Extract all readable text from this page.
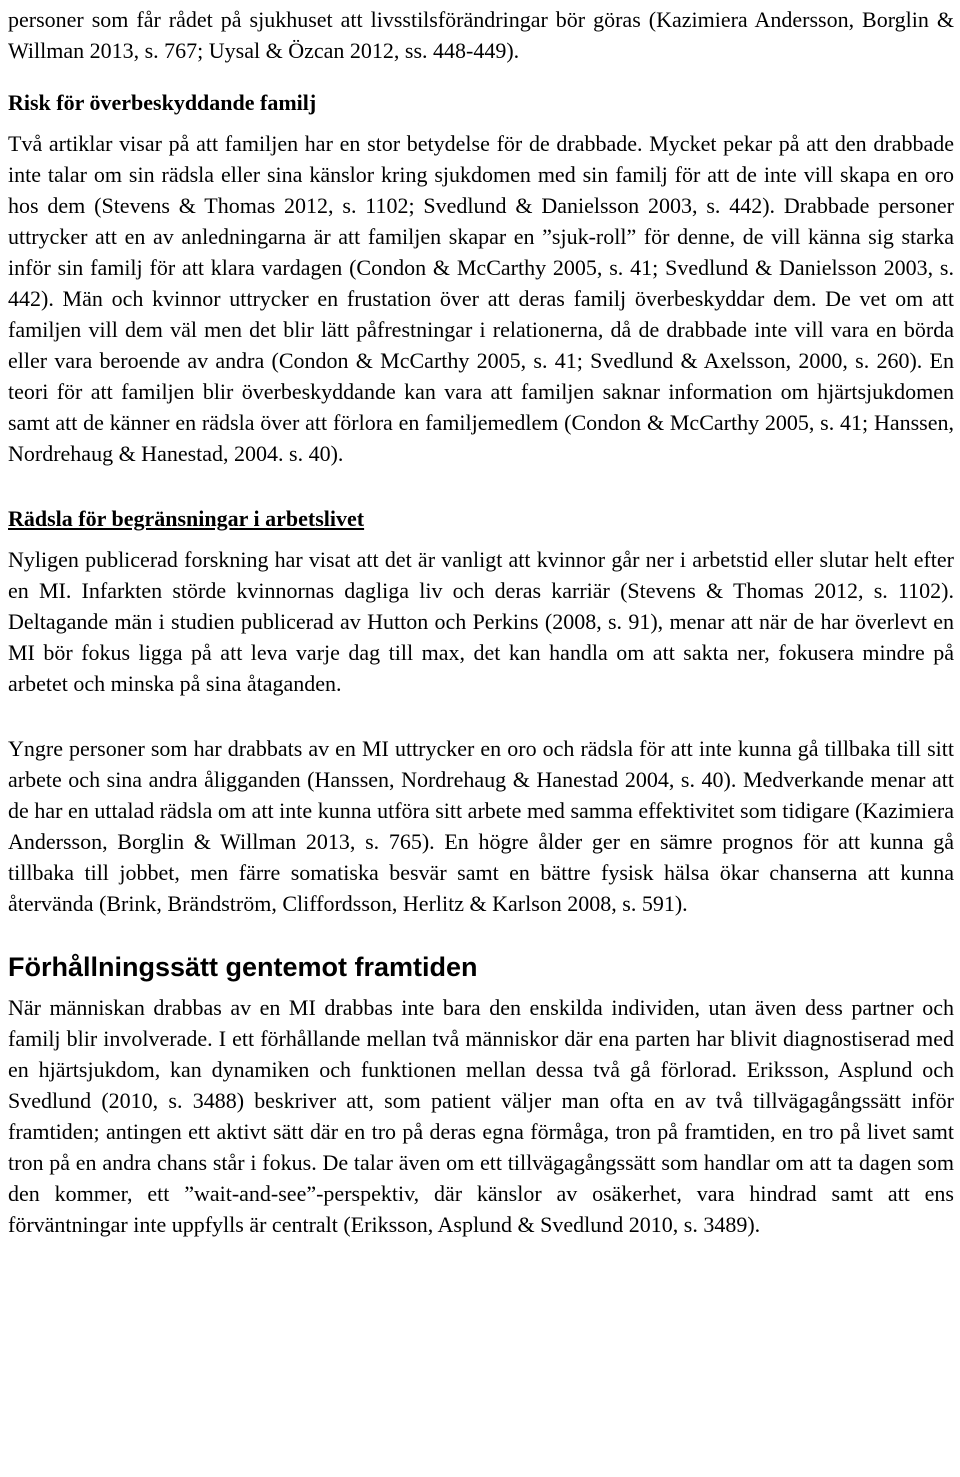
personer som får rådet på sjukhuset att livsstilsförändringar bör göras (Kazimiera Andersson, Borglin & Willman 2013, s. 767; Uysal & Özcan 2012, ss. 448-449).

Risk för överbeskyddande familj

Två artiklar visar på att familjen har en stor betydelse för de drabbade. Mycket pekar på att den drabbade inte talar om sin rädsla eller sina känslor kring sjukdomen med sin familj för att de inte vill skapa en oro hos dem (Stevens & Thomas 2012, s. 1102; Svedlund & Danielsson 2003, s. 442). Drabbade personer uttrycker att en av anledningarna är att familjen skapar en ”sjuk-roll” för denne, de vill känna sig starka inför sin familj för att klara vardagen (Condon & McCarthy 2005, s. 41; Svedlund & Danielsson 2003, s. 442). Män och kvinnor uttrycker en frustation över att deras familj överbeskyddar dem. De vet om att familjen vill dem väl men det blir lätt påfrestningar i relationerna, då de drabbade inte vill vara en börda eller vara beroende av andra (Condon & McCarthy 2005, s. 41; Svedlund & Axelsson, 2000, s. 260). En teori för att familjen blir överbeskyddande kan vara att familjen saknar information om hjärtsjukdomen samt att de känner en rädsla över att förlora en familjemedlem (Condon & McCarthy 2005, s. 41; Hanssen, Nordrehaug & Hanestad, 2004. s. 40).

Rädsla för begränsningar i arbetslivet

Nyligen publicerad forskning har visat att det är vanligt att kvinnor går ner i arbetstid eller slutar helt efter en MI. Infarkten störde kvinnornas dagliga liv och deras karriär (Stevens & Thomas 2012, s. 1102). Deltagande män i studien publicerad av Hutton och Perkins (2008, s. 91), menar att när de har överlevt en MI bör fokus ligga på att leva varje dag till max, det kan handla om att sakta ner, fokusera mindre på arbetet och minska på sina åtaganden.

Yngre personer som har drabbats av en MI uttrycker en oro och rädsla för att inte kunna gå tillbaka till sitt arbete och sina andra åligganden (Hanssen, Nordrehaug & Hanestad 2004, s. 40). Medverkande menar att de har en uttalad rädsla om att inte kunna utföra sitt arbete med samma effektivitet som tidigare (Kazimiera Andersson, Borglin & Willman 2013, s. 765). En högre ålder ger en sämre prognos för att kunna gå tillbaka till jobbet, men färre somatiska besvär samt en bättre fysisk hälsa ökar chanserna att kunna återvända (Brink, Brändström, Cliffordsson, Herlitz & Karlson 2008, s. 591).

Förhållningssätt gentemot framtiden

När människan drabbas av en MI drabbas inte bara den enskilda individen, utan även dess partner och familj blir involverade. I ett förhållande mellan två människor där ena parten har blivit diagnostiserad med en hjärtsjukdom, kan dynamiken och funktionen mellan dessa två gå förlorad. Eriksson, Asplund och Svedlund (2010, s. 3488) beskriver att, som patient väljer man ofta en av två tillvägagångssätt inför framtiden; antingen ett aktivt sätt där en tro på deras egna förmåga, tron på framtiden, en tro på livet samt tron på en andra chans står i fokus. De talar även om ett tillvägagångssätt som handlar om att ta dagen som den kommer, ett ”wait-and-see”-perspektiv, där känslor av osäkerhet, vara hindrad samt att ens förväntningar inte uppfylls är centralt (Eriksson, Asplund & Svedlund 2010, s. 3489).
